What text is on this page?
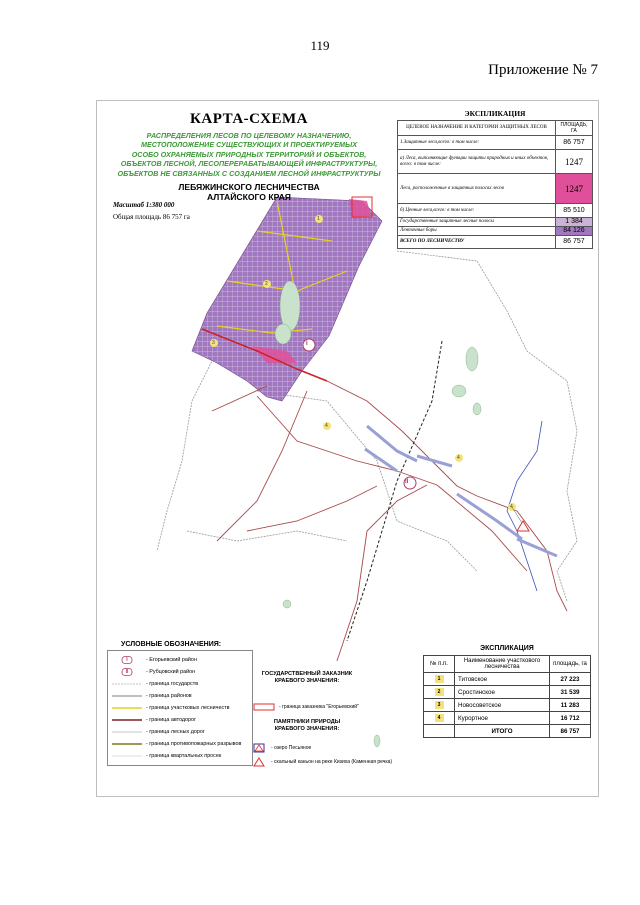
119
Приложение № 7
I
II
1
2
3
4
4
4
КАРТА-СХЕМА
РАСПРЕДЕЛЕНИЯ ЛЕСОВ ПО ЦЕЛЕВОМУ НАЗНАЧЕНИЮ,
МЕСТОПОЛОЖЕНИЕ СУЩЕСТВУЮЩИХ И ПРОЕКТИРУЕМЫХ
ОСОБО ОХРАНЯЕМЫХ ПРИРОДНЫХ ТЕРРИТОРИЙ И ОБЪЕКТОВ,
ОБЪЕКТОВ ЛЕСНОЙ, ЛЕСОПЕРЕРАБАТЫВАЮЩЕЙ ИНФРАСТРУКТУРЫ,
ОБЪЕКТОВ НЕ СВЯЗАННЫХ С СОЗДАНИЕМ ЛЕСНОЙ ИНФРАСТРУКТУРЫ
ЛЕБЯЖИНСКОГО ЛЕСНИЧЕСТВА
АЛТАЙСКОГО КРАЯ
Масштаб 1:380 000
Общая площадь 86 757 га
ЭКСПЛИКАЦИЯ
ЦЕЛЕВОЕ НАЗНАЧЕНИЕ И КАТЕГОРИИ ЗАЩИТНЫХ ЛЕСОВ	ПЛОЩАДЬ, ГА
1.Защитные леса,всего: в том числе:	86 757
а) Леса, выполняющие функции защиты природных и иных объектов, всего: в том числе:	1247
Леса, расположенные в защитных полосах лесов	1247
б) Ценные леса,всего: в том числе:	85 510
Государственные защитные лесные полосы	1 384
Ленточные боры	84 126
ВСЕГО ПО ЛЕСНИЧЕСТВУ	86 757
УСЛОВНЫЕ ОБОЗНАЧЕНИЯ:
I	- Егорьевский район
II	- Рубцовский район
- граница государств
- граница районов
- граница участковых лесничеств
- граница автодорог
- граница лесных дорог
- граница противопожарных разрывов
- граница квартальных просек
ГОСУДАРСТВЕННЫЙ ЗАКАЗНИК
КРАЕВОГО ЗНАЧЕНИЯ:
- граница заказника "Егорьевский"
ПАМЯТНИКИ ПРИРОДЫ
КРАЕВОГО ЗНАЧЕНИЯ:
- озеро Песьяное
- скальный каньон на реке Кизиха (Каменная речка)
ЭКСПЛИКАЦИЯ
№ п.п.	Наименование участкового лесничества	площадь, га
1	Титовское	27 223
2	Сростинское	31 539
3	Новосоветское	11 283
4	Курортное	16 712
	ИТОГО	86 757
